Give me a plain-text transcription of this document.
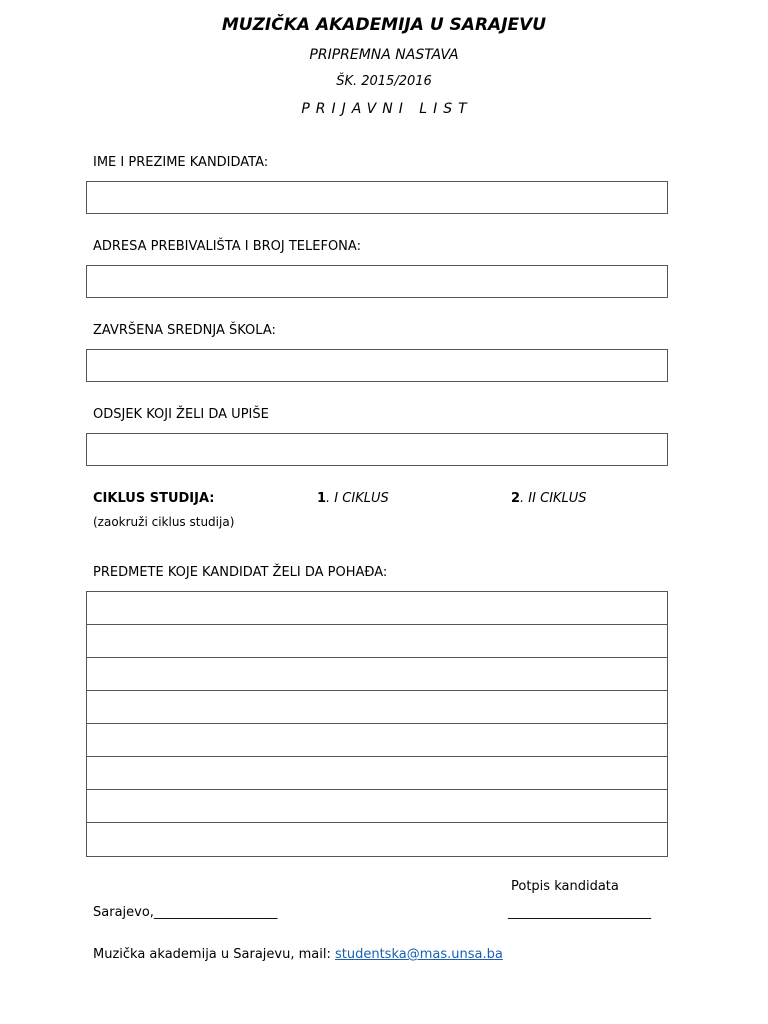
MUZIČKA AKADEMIJA U SARAJEVU
PRIPREMNA NASTAVA
ŠK. 2015/2016
PRIJAVNI LIST
IME I PREZIME KANDIDATA:
ADRESA PREBIVALIŠTA I BROJ TELEFONA:
ZAVRŠENA SREDNJA ŠKOLA:
ODSJEK KOJI ŽELI DA UPIŠE
CIKLUS STUDIJA:	1. I CIKLUS	2. II CIKLUS
(zaokruži ciklus studija)
PREDMETE KOJE KANDIDAT ŽELI DA POHAĐA:
Potpis kandidata
Sarajevo,___________________	______________________
Muzička akademija u Sarajevu, mail: studentska@mas.unsa.ba
